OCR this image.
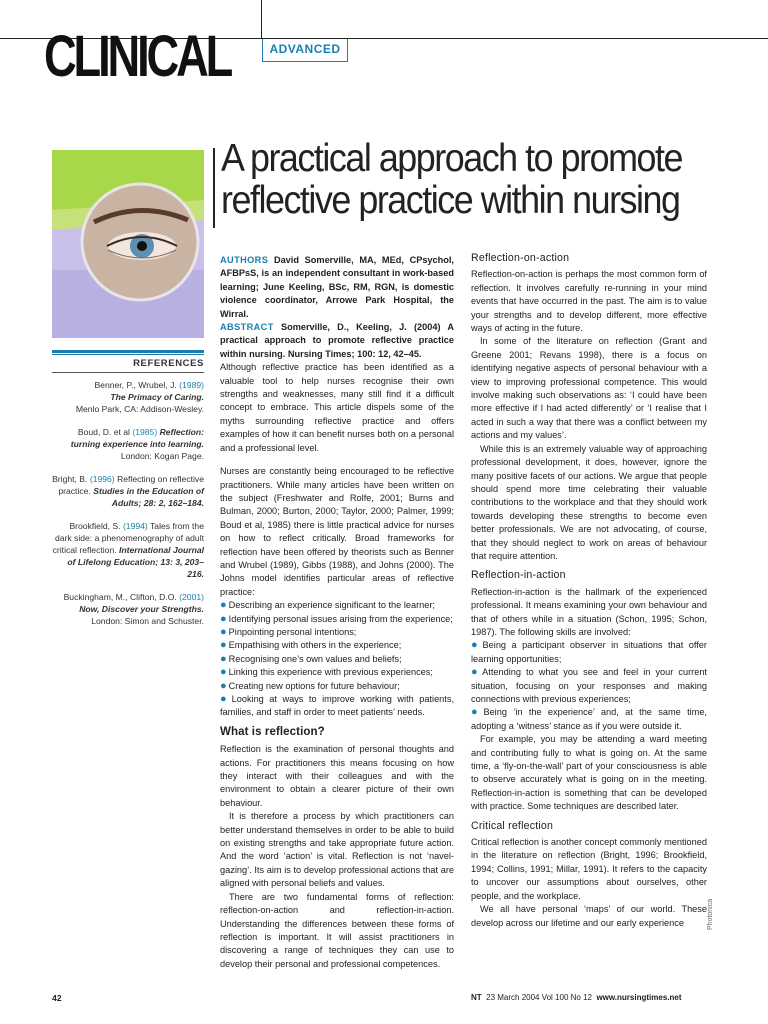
CLINICAL	ADVANCED
A practical approach to promote reflective practice within nursing
REFERENCES
Benner, P., Wrubel, J. (1989)
The Primacy of Caring.
Menlo Park, CA: Addison-Wesley.
Boud, D. et al (1985) Reflection: turning experience into learning.
London: Kogan Page.
Bright, B. (1996) Reflecting on reflective practice. Studies in the Education of Adults; 28: 2, 162–184.
Brookfield, S. (1994) Tales from the dark side: a phenomenography of adult critical reflection. International Journal of Lifelong Education; 13: 3, 203–216.
Buckingham, M., Clifton, D.O. (2001)
Now, Discover your Strengths.
London: Simon and Schuster.

AUTHORS David Somerville, MA, MEd, CPsychol, AFBPsS, is an independent consultant in work-based learning; June Keeling, BSc, RM, RGN, is domestic violence coordinator, Arrowe Park Hospital, the Wirral.

ABSTRACT Somerville, D., Keeling, J. (2004) A practical approach to promote reflective practice within nursing. Nursing Times; 100: 12, 42–45.

Although reflective practice has been identified as a valuable tool to help nurses recognise their own strengths and weaknesses, many still find it a difficult concept to embrace. This article dispels some of the myths surrounding reflective practice and offers examples of how it can benefit nurses both on a personal and a professional level.

Nurses are constantly being encouraged to be reflective practitioners. While many articles have been written on the subject (Freshwater and Rolfe, 2001; Burns and Bulman, 2000; Burton, 2000; Taylor, 2000; Palmer, 1999; Boud et al, 1985) there is little practical advice for nurses on how to reflect critically. Broad frameworks for reflection have been offered by theorists such as Benner and Wrubel (1989), Gibbs (1988), and Johns (2000). The Johns model identifies particular areas of reflective practice:

● Describing an experience significant to the learner;

● Identifying personal issues arising from the experience;

● Pinpointing personal intentions;

● Empathising with others in the experience;

● Recognising one’s own values and beliefs;

● Linking this experience with previous experiences;

● Creating new options for future behaviour;

● Looking at ways to improve working with patients, families, and staff in order to meet patients’ needs.

What is reflection?

Reflection is the examination of personal thoughts and actions. For practitioners this means focusing on how they interact with their colleagues and with the environment to obtain a clearer picture of their own behaviour.

It is therefore a process by which practitioners can better understand themselves in order to be able to build on existing strengths and take appropriate future action. And the word ‘action’ is vital. Reflection is not ‘navel-gazing’. Its aim is to develop professional actions that are aligned with personal beliefs and values.

There are two fundamental forms of reflection: reflection-on-action and reflection-in-action. Understanding the differences between these forms of reflection is important. It will assist practitioners in discovering a range of techniques they can use to develop their personal and professional competences.

Reflection-on-action

Reflection-on-action is perhaps the most common form of reflection. It involves carefully re-running in your mind events that have occurred in the past. The aim is to value your strengths and to develop different, more effective ways of acting in the future.

In some of the literature on reflection (Grant and Greene 2001; Revans 1998), there is a focus on identifying negative aspects of personal behaviour with a view to improving professional competence. This would involve making such observations as: ‘I could have been more effective if I had acted differently’ or ‘I realise that I acted in such a way that there was a conflict between my actions and my values’.

While this is an extremely valuable way of approaching professional development, it does, however, ignore the many positive facets of our actions. We argue that people should spend more time celebrating their valuable contributions to the workplace and that they should work towards developing these strengths to become even better professionals. We are not advocating, of course, that they should neglect to work on areas of behaviour that require attention.

Reflection-in-action

Reflection-in-action is the hallmark of the experienced professional. It means examining your own behaviour and that of others while in a situation (Schon, 1995; Schon, 1987). The following skills are involved:

● Being a participant observer in situations that offer learning opportunities;

● Attending to what you see and feel in your current situation, focusing on your responses and making connections with previous experiences;

● Being ‘in the experience’ and, at the same time, adopting a ‘witness’ stance as if you were outside it.

For example, you may be attending a ward meeting and contributing fully to what is going on. At the same time, a ‘fly-on-the-wall’ part of your consciousness is able to observe accurately what is going on in the meeting. Reflection-in-action is something that can be developed with practice. Some techniques are described later.

Critical reflection

Critical reflection is another concept commonly mentioned in the literature on reflection (Bright, 1996; Brookfield, 1994; Collins, 1991; Millar, 1991). It refers to the capacity to uncover our assumptions about ourselves, other people, and the workplace.

We all have personal ‘maps’ of our world. These develop across our lifetime and our early experience	Photonica
42	NT 23 March 2004 Vol 100 No 12 www.nursingtimes.net
